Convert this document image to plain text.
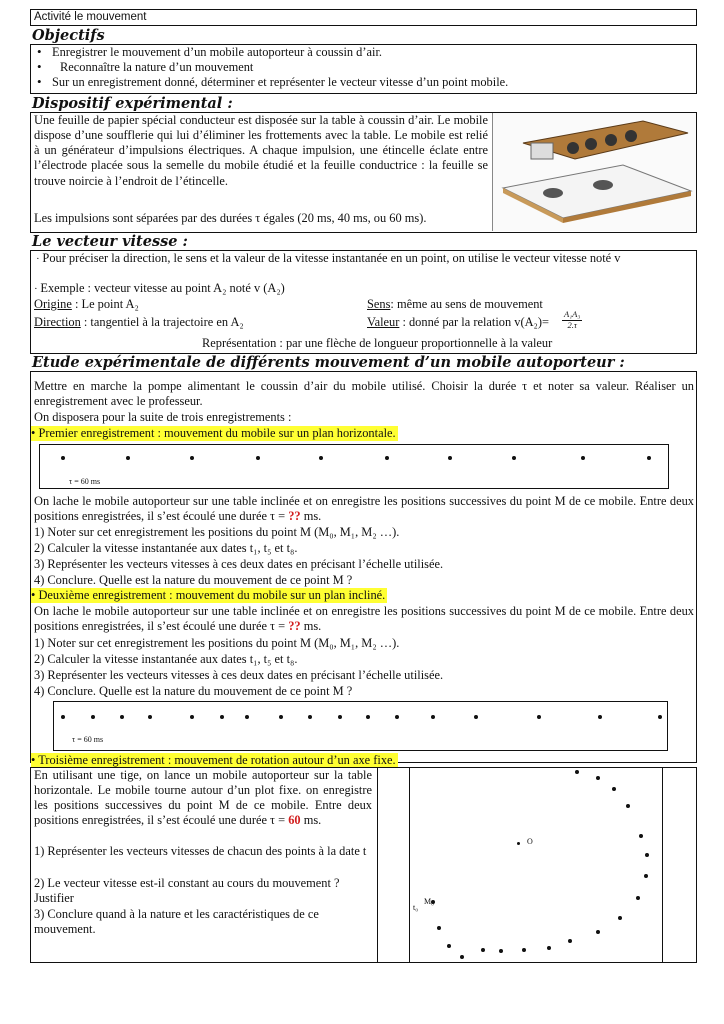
Activité le mouvement
Objectifs

• Enregistrer le mouvement d’un mobile autoporteur à coussin d’air.

• Reconnaître la nature d’un mouvement

• Sur un enregistrement donné, déterminer et représenter le vecteur vitesse d’un point mobile.

Dispositif expérimental :
Une feuille de papier spécial conducteur est disposée sur la table à coussin d’air. Le mobile dispose d’une soufflerie qui lui d’éliminer les frottements avec la table. Le mobile est relié à un générateur d’impulsions électriques. A chaque impulsion, une étincelle éclate entre l’électrode placée sous la semelle du mobile étudié et la feuille conductrice : la feuille se trouve noircie à l’endroit de l’étincelle.
Les impulsions sont séparées par des durées τ égales (20 ms, 40 ms, ou 60 ms).
Le vecteur vitesse :
· Pour préciser la direction, le sens et la valeur de la vitesse instantanée en un point, on utilise le vecteur vitesse noté v
· Exemple : vecteur vitesse au point A₂ noté v (A₂)
Origine : Le point A₂	Sens: même au sens de mouvement
Direction : tangentiel à la trajectoire en A₂	Valeur : donné par la relation $v(A_2)= \frac{\text{A₁A₃}}{2.\tau}$
Représentation : par une flèche de longueur proportionnelle à la valeur
Etude expérimentale de différents mouvement d’un mobile autoporteur :
Mettre en marche la pompe alimentant le coussin d’air du mobile utilisé. Choisir la durée τ et noter sa valeur. Réaliser un enregistrement avec le professeur.
On disposera pour la suite de trois enregistrements :
• Premier enregistrement : mouvement du mobile sur un plan horizontale.
τ = 60 ms
On lache le mobile autoporteur sur une table inclinée et on enregistre les positions successives du point M de ce mobile. Entre deux positions enregistrées, il s’est écoulé une durée τ = ?? ms.
1) Noter sur cet enregistrement les positions du point M (M₀, M₁, M₂ …).
2) Calculer la vitesse instantanée aux dates t₁, t₅ et t₈.
3) Représenter les vecteurs vitesses à ces deux dates en précisant l’échelle utilisée.
4) Conclure. Quelle est la nature du mouvement de ce point M ?
• Deuxième enregistrement : mouvement du mobile sur un plan incliné.
On lache le mobile autoporteur sur une table inclinée et on enregistre les positions successives du point M de ce mobile. Entre deux positions enregistrées, il s’est écoulé une durée τ = ?? ms.
1) Noter sur cet enregistrement les positions du point M (M₀, M₁, M₂ …).
2) Calculer la vitesse instantanée aux dates t₁, t₅ et t₈.
3) Représenter les vecteurs vitesses à ces deux dates en précisant l’échelle utilisée.
4) Conclure. Quelle est la nature du mouvement de ce point M ?
τ = 60 ms
• Troisième enregistrement : mouvement de rotation autour d’un axe fixe.
En utilisant une tige, on lance un mobile autoporteur sur la table horizontale. Le mobile tourne autour d’un plot fixe. on enregistre les positions successives du point M de ce mobile. Entre deux positions enregistrées, il s’est écoulé une durée τ = 60 ms.
1) Représenter les vecteurs vitesses de chacun des points à la date t
2) Le vecteur vitesse est-il constant au cours du mouvement ? Justifier
3) Conclure quand à la nature et les caractéristiques de ce mouvement.
O
M₀
t₀
